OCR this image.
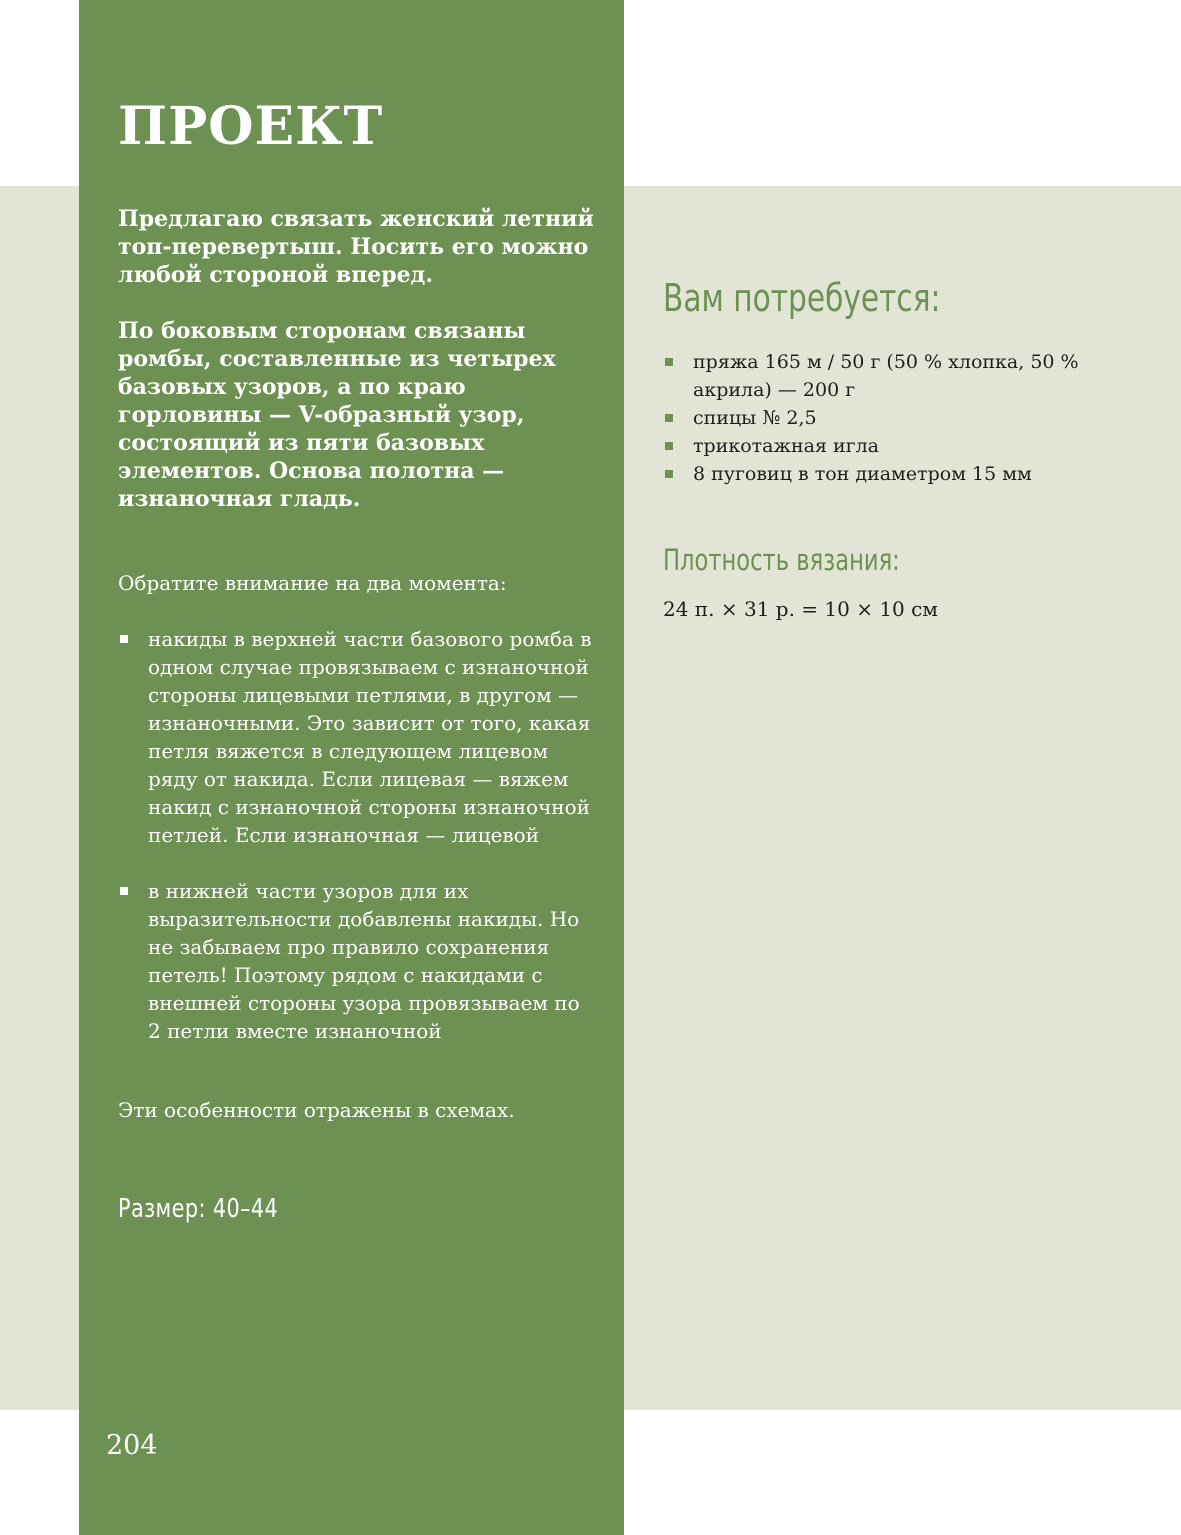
ПРОЕКТ

Предлагаю связать женский летний топ-перевертыш. Носить его можно любой стороной вперед.

По боковым сторонам связаны ромбы, составленные из четырех базовых узоров, а по краю горловины — V-образный узор, состоящий из пяти базовых элементов. Основа полотна — изнаночная гладь.

Обратите внимание на два момента:

накиды в верхней части базового ромба в одном случае провязываем с изнаночной стороны лицевыми петлями, в другом — изнаночными. Это зависит от того, какая петля вяжется в следующем лицевом ряду от накида. Если лицевая — вяжем накид с изнаночной стороны изнаночной петлей. Если изнаночная — лицевой
в нижней части узоров для их выразительности добавлены накиды. Но не забываем про правило сохранения петель! Поэтому рядом с накидами с внешней стороны узора провязываем по 2 петли вместе изнаночной

Эти особенности отражены в схемах.

Размер: 40–44

204

Вам потребуется:
пряжа 165 м / 50 г (50 % хлопка, 50 % акрила) — 200 г
спицы № 2,5
трикотажная игла
8 пуговиц в тон диаметром 15 мм
Плотность вязания:

24 п. × 31 р. = 10 × 10 см
